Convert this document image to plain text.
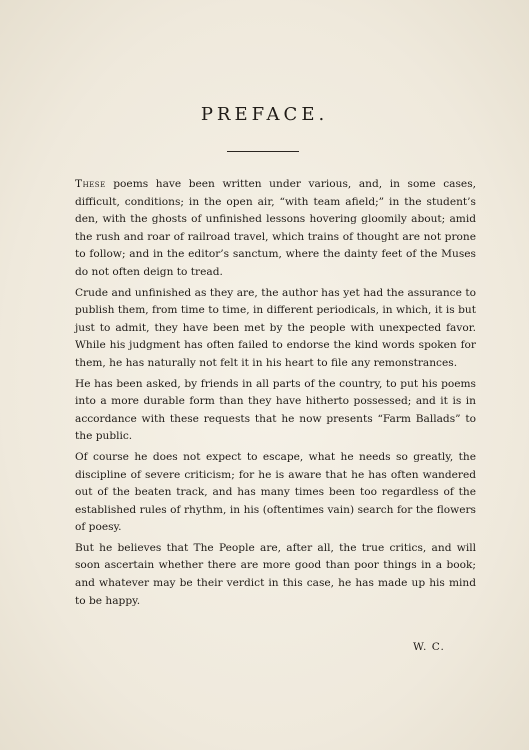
PREFACE.

These poems have been written under various, and, in some cases, difficult, conditions; in the open air, “with team afield;” in the student’s den, with the ghosts of unfinished lessons hovering gloomily about; amid the rush and roar of railroad travel, which trains of thought are not prone to follow; and in the editor’s sanctum, where the dainty feet of the Muses do not often deign to tread.

Crude and unfinished as they are, the author has yet had the assurance to publish them, from time to time, in different periodicals, in which, it is but just to admit, they have been met by the people with unexpected favor. While his judgment has often failed to endorse the kind words spoken for them, he has naturally not felt it in his heart to file any remonstrances.

He has been asked, by friends in all parts of the country, to put his poems into a more durable form than they have hitherto possessed; and it is in accordance with these requests that he now presents “Farm Ballads” to the public.

Of course he does not expect to escape, what he needs so greatly, the discipline of severe criticism; for he is aware that he has often wandered out of the beaten track, and has many times been too regardless of the established rules of rhythm, in his (oftentimes vain) search for the flowers of poesy.

But he believes that The People are, after all, the true critics, and will soon ascertain whether there are more good than poor things in a book; and whatever may be their verdict in this case, he has made up his mind to be happy.

W. C.
